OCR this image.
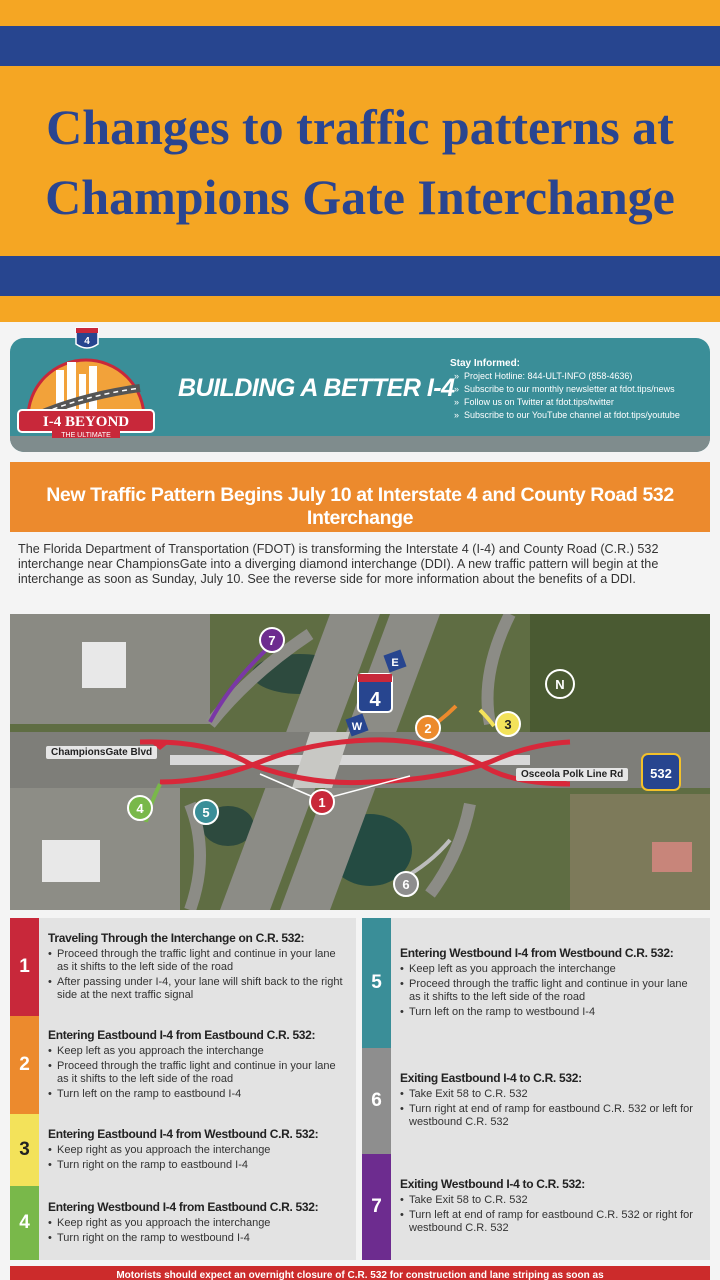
Changes to traffic patterns at
Champions Gate Interchange
BUILDING A BETTER I-4
Stay Informed:
» Project Hotline: 844-ULT-INFO (858-4636)
» Subscribe to our monthly newsletter at fdot.tips/news
» Follow us on Twitter at fdot.tips/twitter
» Subscribe to our YouTube channel at fdot.tips/youtube
4
I-4 BEYOND
THE ULTIMATE
New Traffic Pattern Begins July 10 at Interstate 4 and County Road 532 Interchange
The Florida Department of Transportation (FDOT) is transforming the Interstate 4 (I-4) and County Road (C.R.) 532 interchange near ChampionsGate into a diverging diamond interchange (DDI). A new traffic pattern will begin at the interchange as soon as Sunday, July 10. See the reverse side for more information about the benefits of a DDI.
N
4
E
W
532
1
2	3
4	5
6
7
ChampionsGate Blvd
Osceola Polk Line Rd
1
Traveling Through the Interchange on C.R. 532:
• Proceed through the traffic light and continue in your lane as it shifts to the left side of the road
• After passing under I-4, your lane will shift back to the right side at the next traffic signal
2
Entering Eastbound I-4 from Eastbound C.R. 532:
• Keep left as you approach the interchange
• Proceed through the traffic light and continue in your lane as it shifts to the left side of the road
• Turn left on the ramp to eastbound I-4
3
Entering Eastbound I-4 from Westbound C.R. 532:
• Keep right as you approach the interchange
• Turn right on the ramp to eastbound I-4
4
Entering Westbound I-4 from Eastbound C.R. 532:
• Keep right as you approach the interchange
• Turn right on the ramp to westbound I-4
5
Entering Westbound I-4 from Westbound C.R. 532:
• Keep left as you approach the interchange
• Proceed through the traffic light and continue in your lane as it shifts to the left side of the road
• Turn left on the ramp to westbound I-4
6
Exiting Eastbound I-4 to C.R. 532:
• Take Exit 58 to C.R. 532
• Turn right at end of ramp for eastbound C.R. 532 or left for westbound C.R. 532
7
Exiting Westbound I-4 to C.R. 532:
• Take Exit 58 to C.R. 532
• Turn left at end of ramp for eastbound C.R. 532 or right for westbound C.R. 532
Motorists should expect an overnight closure of C.R. 532 for construction and lane striping as soon as
